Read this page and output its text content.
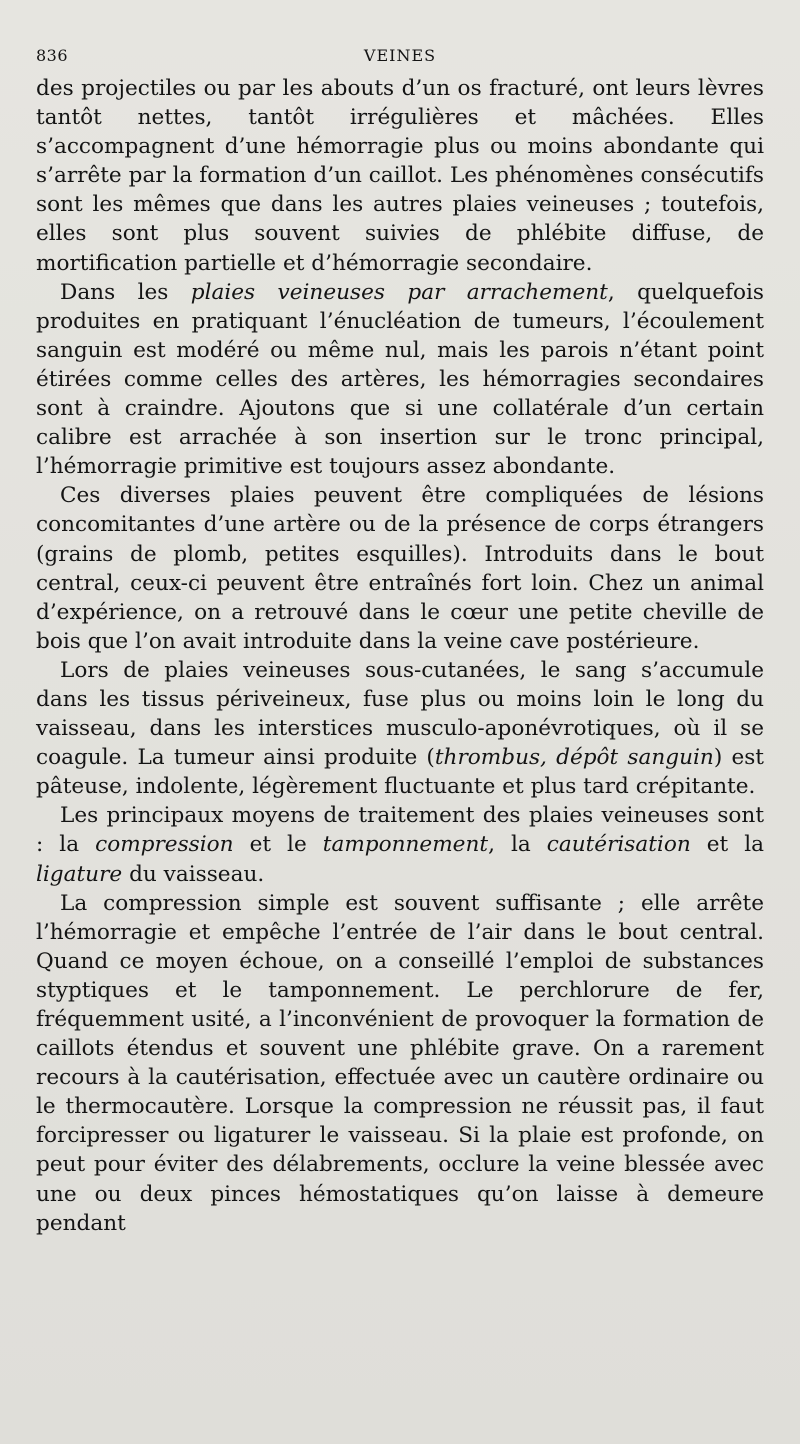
836	VEINES

des projectiles ou par les abouts d’un os fracturé, ont leurs lèvres tantôt nettes, tantôt irrégulières et mâchées. Elles s’accompagnent d’une hémorragie plus ou moins abondante qui s’arrête par la formation d’un caillot. Les phénomènes consécutifs sont les mêmes que dans les autres plaies veineuses ; toutefois, elles sont plus souvent suivies de phlébite diffuse, de mortification partielle et d’hémorragie secondaire.

Dans les plaies veineuses par arrachement, quelquefois produites en pratiquant l’énucléation de tumeurs, l’écoulement sanguin est modéré ou même nul, mais les parois n’étant point étirées comme celles des artères, les hémorragies secondaires sont à craindre. Ajoutons que si une collatérale d’un certain calibre est arrachée à son insertion sur le tronc principal, l’hémorragie primitive est toujours assez abondante.

Ces diverses plaies peuvent être compliquées de lésions concomitantes d’une artère ou de la présence de corps étrangers (grains de plomb, petites esquilles). Introduits dans le bout central, ceux-ci peuvent être entraînés fort loin. Chez un animal d’expérience, on a retrouvé dans le cœur une petite cheville de bois que l’on avait introduite dans la veine cave postérieure.

Lors de plaies veineuses sous-cutanées, le sang s’accumule dans les tissus périveineux, fuse plus ou moins loin le long du vaisseau, dans les interstices musculo-aponévrotiques, où il se coagule. La tumeur ainsi produite (thrombus, dépôt sanguin) est pâteuse, indolente, légèrement fluctuante et plus tard crépitante.

Les principaux moyens de traitement des plaies veineuses sont : la compression et le tamponnement, la cautérisation et la ligature du vaisseau.

La compression simple est souvent suffisante ; elle arrête l’hémorragie et empêche l’entrée de l’air dans le bout central. Quand ce moyen échoue, on a conseillé l’emploi de substances styptiques et le tamponnement. Le perchlorure de fer, fréquemment usité, a l’inconvénient de provoquer la formation de caillots étendus et souvent une phlébite grave. On a rarement recours à la cautérisation, effectuée avec un cautère ordinaire ou le thermocautère. Lorsque la compression ne réussit pas, il faut forcipresser ou ligaturer le vaisseau. Si la plaie est profonde, on peut pour éviter des délabrements, occlure la veine blessée avec une ou deux pinces hémostatiques qu’on laisse à demeure pendant
